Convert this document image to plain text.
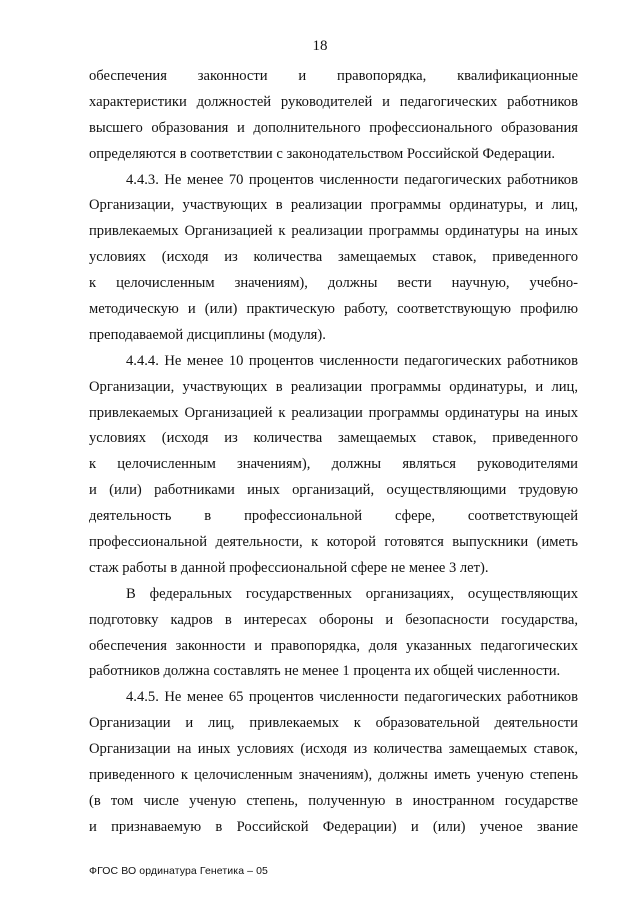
18
обеспечения законности и правопорядка, квалификационные
характеристики должностей руководителей и педагогических работников
высшего образования и дополнительного профессионального образования
определяются в соответствии с законодательством Российской Федерации.
4.4.3. Не менее 70 процентов численности педагогических работников
Организации, участвующих в реализации программы ординатуры, и лиц,
привлекаемых Организацией к реализации программы ординатуры на иных
условиях (исходя из количества замещаемых ставок, приведенного
к целочисленным значениям), должны вести научную, учебно-
методическую и (или) практическую работу, соответствующую профилю
преподаваемой дисциплины (модуля).
4.4.4. Не менее 10 процентов численности педагогических работников
Организации, участвующих в реализации программы ординатуры, и лиц,
привлекаемых Организацией к реализации программы ординатуры на иных
условиях (исходя из количества замещаемых ставок, приведенного
к целочисленным значениям), должны являться руководителями
и (или) работниками иных организаций, осуществляющими трудовую
деятельность в профессиональной сфере, соответствующей
профессиональной деятельности, к которой готовятся выпускники (иметь
стаж работы в данной профессиональной сфере не менее 3 лет).
В федеральных государственных организациях, осуществляющих
подготовку кадров в интересах обороны и безопасности государства,
обеспечения законности и правопорядка, доля указанных педагогических
работников должна составлять не менее 1 процента их общей численности.
4.4.5. Не менее 65 процентов численности педагогических работников
Организации и лиц, привлекаемых к образовательной деятельности
Организации на иных условиях (исходя из количества замещаемых ставок,
приведенного к целочисленным значениям), должны иметь ученую степень
(в том числе ученую степень, полученную в иностранном государстве
и признаваемую в Российской Федерации) и (или) ученое звание
ФГОС ВО ординатура Генетика – 05
